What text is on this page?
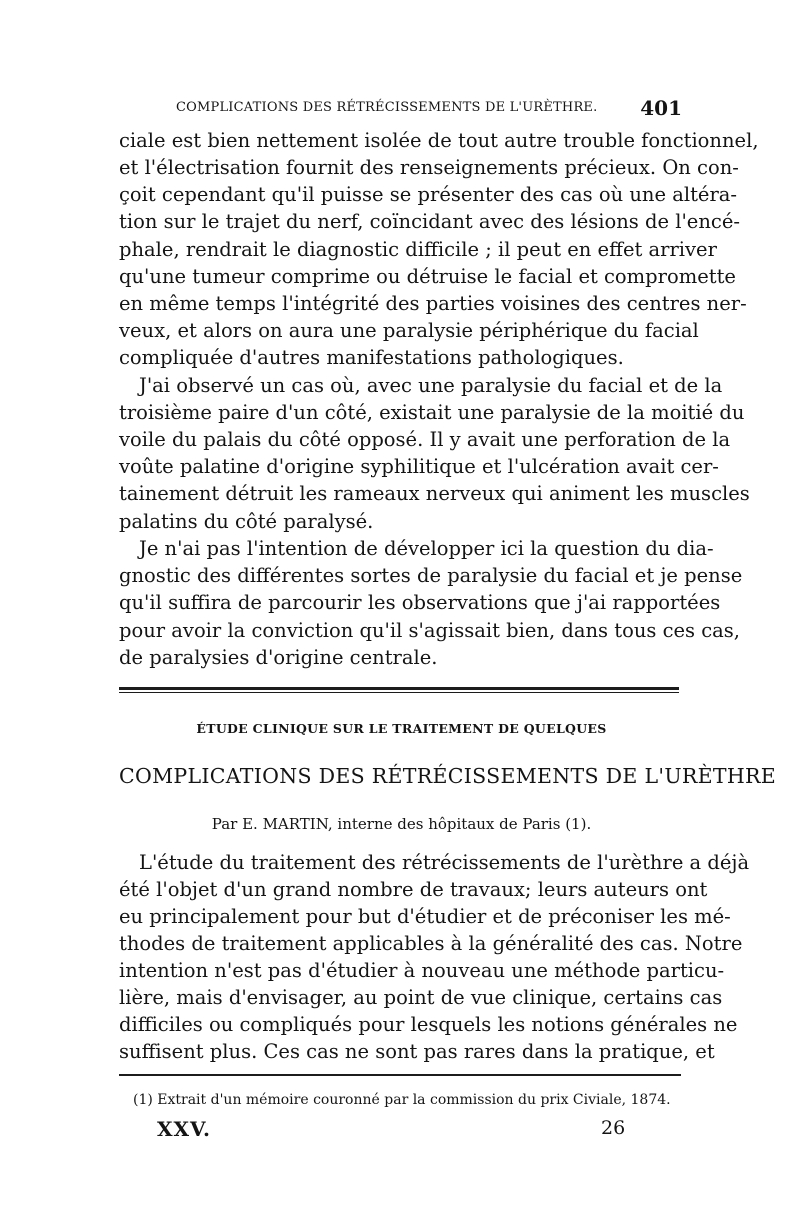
COMPLICATIONS DES RÉTRÉCISSEMENTS DE L'URÈTHRE. 401
ciale est bien nettement isolée de tout autre trouble fonctionnel,
et l'électrisation fournit des renseignements précieux. On con-
çoit cependant qu'il puisse se présenter des cas où une altéra-
tion sur le trajet du nerf, coïncidant avec des lésions de l'encé-
phale, rendrait le diagnostic difficile ; il peut en effet arriver
qu'une tumeur comprime ou détruise le facial et compromette
en même temps l'intégrité des parties voisines des centres ner-
veux, et alors on aura une paralysie périphérique du facial
compliquée d'autres manifestations pathologiques.
J'ai observé un cas où, avec une paralysie du facial et de la
troisième paire d'un côté, existait une paralysie de la moitié du
voile du palais du côté opposé. Il y avait une perforation de la
voûte palatine d'origine syphilitique et l'ulcération avait cer-
tainement détruit les rameaux nerveux qui animent les muscles
palatins du côté paralysé.
Je n'ai pas l'intention de développer ici la question du dia-
gnostic des différentes sortes de paralysie du facial et je pense
qu'il suffira de parcourir les observations que j'ai rapportées
pour avoir la conviction qu'il s'agissait bien, dans tous ces cas,
de paralysies d'origine centrale.
ÉTUDE CLINIQUE SUR LE TRAITEMENT DE QUELQUES
COMPLICATIONS DES RÉTRÉCISSEMENTS DE L'URÈTHRE
Par E. MARTIN, interne des hôpitaux de Paris (1).
L'étude du traitement des rétrécissements de l'urèthre a déjà
été l'objet d'un grand nombre de travaux; leurs auteurs ont
eu principalement pour but d'étudier et de préconiser les mé-
thodes de traitement applicables à la généralité des cas. Notre
intention n'est pas d'étudier à nouveau une méthode particu-
lière, mais d'envisager, au point de vue clinique, certains cas
difficiles ou compliqués pour lesquels les notions générales ne
suffisent plus. Ces cas ne sont pas rares dans la pratique, et
(1) Extrait d'un mémoire couronné par la commission du prix Civiale, 1874.
XXV.	26
